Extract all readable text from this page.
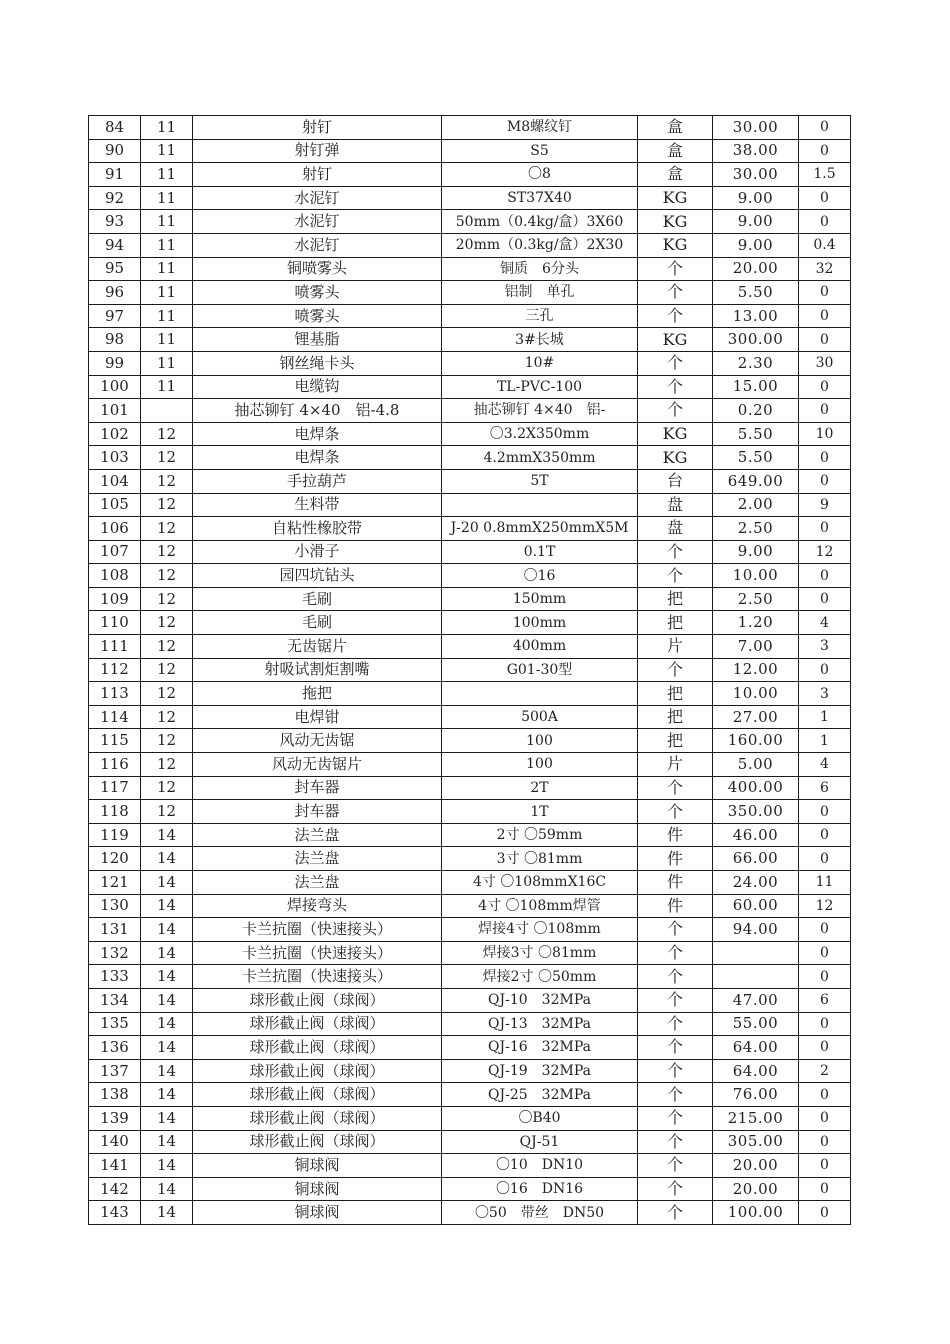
84	11	射钉	M8螺纹钉	盒	30.00	0
90	11	射钉弹	S5	盒	38.00	0
91	11	射钉	〇8	盒	30.00	1.5
92	11	水泥钉	ST37X40	KG	9.00	0
93	11	水泥钉	50mm（0.4kg/盒）3X60	KG	9.00	0
94	11	水泥钉	20mm（0.3kg/盒）2X30	KG	9.00	0.4
95	11	铜喷雾头	铜质　6分头	个	20.00	32
96	11	喷雾头	铝制　单孔	个	5.50	0
97	11	喷雾头	三孔	个	13.00	0
98	11	锂基脂	3#长城	KG	300.00	0
99	11	钢丝绳卡头	10#	个	2.30	30
100	11	电缆钩	TL-PVC-100	个	15.00	0
101		抽芯铆钉 4×40　铝-4.8	抽芯铆钉 4×40　铝-	个	0.20	0
102	12	电焊条	〇3.2X350mm	KG	5.50	10
103	12	电焊条	4.2mmX350mm	KG	5.50	0
104	12	手拉葫芦	5T	台	649.00	0
105	12	生料带		盘	2.00	9
106	12	自粘性橡胶带	J-20 0.8mmX250mmX5M	盘	2.50	0
107	12	小滑子	0.1T	个	9.00	12
108	12	园四坑钻头	〇16	个	10.00	0
109	12	毛刷	150mm	把	2.50	0
110	12	毛刷	100mm	把	1.20	4
111	12	无齿锯片	400mm	片	7.00	3
112	12	射吸试割炬割嘴	G01-30型	个	12.00	0
113	12	拖把		把	10.00	3
114	12	电焊钳	500A	把	27.00	1
115	12	风动无齿锯	100	把	160.00	1
116	12	风动无齿锯片	100	片	5.00	4
117	12	封车器	2T	个	400.00	6
118	12	封车器	1T	个	350.00	0
119	14	法兰盘	2寸 〇59mm	件	46.00	0
120	14	法兰盘	3寸 〇81mm	件	66.00	0
121	14	法兰盘	4寸 〇108mmX16C	件	24.00	11
130	14	焊接弯头	4寸 〇108mm焊管	件	60.00	12
131	14	卡兰抗圈（快速接头）	焊接4寸 〇108mm	个	94.00	0
132	14	卡兰抗圈（快速接头）	焊接3寸 〇81mm	个		0
133	14	卡兰抗圈（快速接头）	焊接2寸 〇50mm	个		0
134	14	球形截止阀（球阀）	QJ-10　32MPa	个	47.00	6
135	14	球形截止阀（球阀）	QJ-13　32MPa	个	55.00	0
136	14	球形截止阀（球阀）	QJ-16　32MPa	个	64.00	0
137	14	球形截止阀（球阀）	QJ-19　32MPa	个	64.00	2
138	14	球形截止阀（球阀）	QJ-25　32MPa	个	76.00	0
139	14	球形截止阀（球阀）	〇B40	个	215.00	0
140	14	球形截止阀（球阀）	QJ-51	个	305.00	0
141	14	铜球阀	〇10　DN10	个	20.00	0
142	14	铜球阀	〇16　DN16	个	20.00	0
143	14	铜球阀	〇50　带丝　DN50	个	100.00	0
